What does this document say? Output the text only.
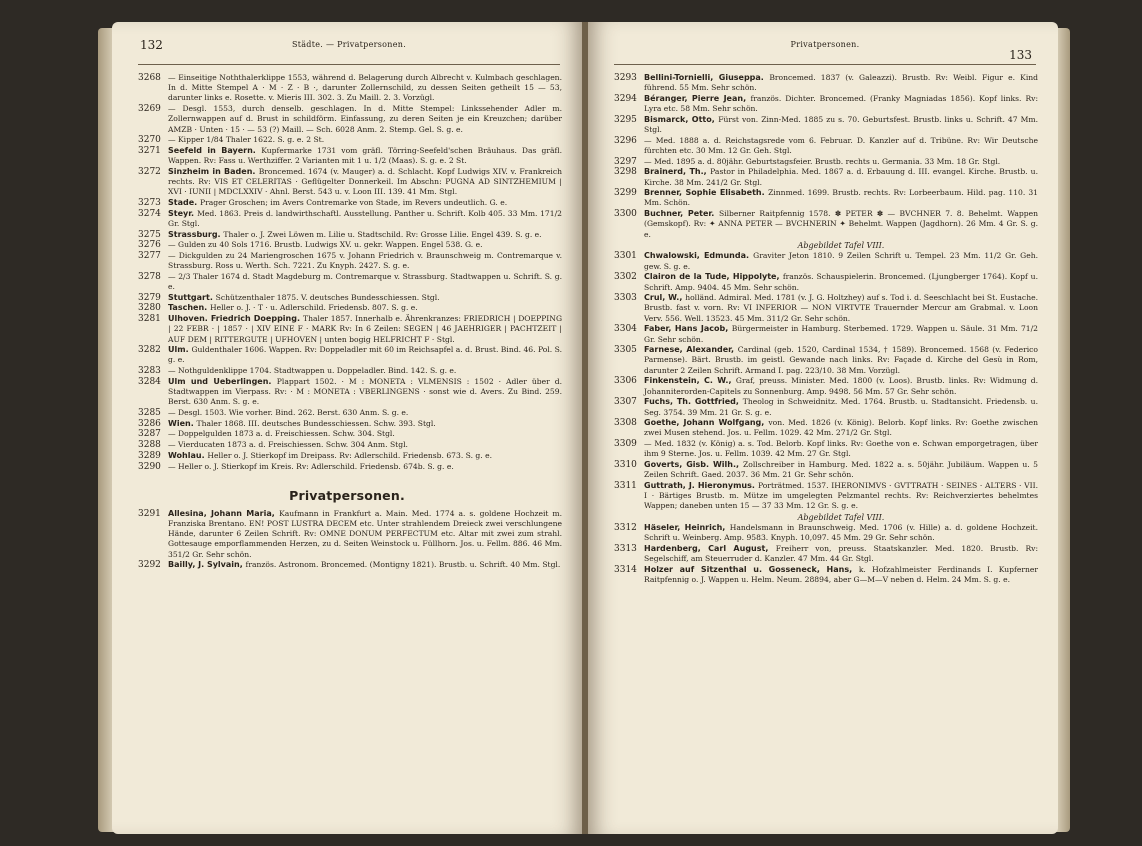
132	Städte. — Privatpersonen.
3268 — Einseitige Noththalerklippe 1553, während d. Belagerung durch Albrecht v. Kulmbach geschlagen. In d. Mitte Stempel A · M · Z · B ·, darunter Zollernschild, zu dessen Seiten getheilt 15 — 53, darunter links e. Rosette. v. Mieris III. 302. 3. Zu Maill. 2. 3. Vorzügl.
3269 — Desgl. 1553, durch denselb. geschlagen. In d. Mitte Stempel: Linkssehender Adler m. Zollernwappen auf d. Brust in schildförm. Einfassung, zu deren Seiten je ein Kreuzchen; darüber AMZB · Unten · 15 · — 53 (?) Maill. — Sch. 6028 Anm. 2. Stemp. Gel. S. g. e.
3270 — Kipper 1/84 Thaler 1622. S. g. e. 2 St.
3271 Seefeld in Bayern. Kupfermarke 1731 vom gräfl. Törring-Seefeld'schen Bräuhaus. Das gräfl. Wappen. Rv: Fass u. Werthziffer. 2 Varianten mit 1 u. 1/2 (Maas). S. g. e. 2 St.
3272 Sinzheim in Baden. Broncemed. 1674 (v. Mauger) a. d. Schlacht. Kopf Ludwigs XIV. v. Frankreich rechts. Rv: VIS ET CELERITAS · Geflügelter Donnerkeil. Im Abschn: PUGNA AD SINTZHEMIUM | XVI · IUNII | MDCLXXIV · Ahnl. Berst. 543 u. v. Loon III. 139. 41 Mm. Stgl.
3273 Stade. Prager Groschen; im Avers Contremarke von Stade, im Revers undeutlich. G. e.
3274 Steyr. Med. 1863. Preis d. landwirthschaftl. Ausstellung. Panther u. Schrift. Kolb 405. 33 Mm. 171/2 Gr. Stgl.
3275 Strassburg. Thaler o. J. Zwei Löwen m. Lilie u. Stadtschild. Rv: Grosse Lilie. Engel 439. S. g. e.
3276 — Gulden zu 40 Sols 1716. Brustb. Ludwigs XV. u. gekr. Wappen. Engel 538. G. e.
3277 — Dickgulden zu 24 Mariengroschen 1675 v. Johann Friedrich v. Braunschweig m. Contremarque v. Strassburg. Ross u. Werth. Sch. 7221. Zu Knyph. 2427. S. g. e.
3278 — 2/3 Thaler 1674 d. Stadt Magdeburg m. Contremarque v. Strassburg. Stadtwappen u. Schrift. S. g. e.
3279 Stuttgart. Schützenthaler 1875. V. deutsches Bundesschiessen. Stgl.
3280 Taschen. Heller o. J. · T · u. Adlerschild. Friedensb. 807. S. g. e.
3281 Ulhoven. Friedrich Doepping. Thaler 1857. Innerhalb e. Ährenkranzes: FRIEDRICH | DOEPPING | 22 FEBR · | 1857 · | XIV EINE F · MARK Rv: In 6 Zeilen: SEGEN | 46 JAEHRIGER | PACHTZEIT | AUF DEM | RITTERGUTE | UFHOVEN | unten bogig HELFRICHT F · Stgl.
3282 Ulm. Guldenthaler 1606. Wappen. Rv: Doppeladler mit 60 im Reichsapfel a. d. Brust. Bind. 46. Pol. S. g. e.
3283 — Nothguldenklippe 1704. Stadtwappen u. Doppeladler. Bind. 142. S. g. e.
3284 Ulm und Ueberlingen. Plappart 1502. · M : MONETA : VLMENSIS : 1502 · Adler über d. Stadtwappen im Vierpass. Rv: · M : MONETA : VBERLINGENS · sonst wie d. Avers. Zu Bind. 259. Berst. 630 Anm. S. g. e.
3285 — Desgl. 1503. Wie vorher. Bind. 262. Berst. 630 Anm. S. g. e.
3286 Wien. Thaler 1868. III. deutsches Bundesschiessen. Schw. 393. Stgl.
3287 — Doppelgulden 1873 a. d. Freischiessen. Schw. 304. Stgl.
3288 — Vierducaten 1873 a. d. Freischiessen. Schw. 304 Anm. Stgl.
3289 Wohlau. Heller o. J. Stierkopf im Dreipass. Rv: Adlerschild. Friedensb. 673. S. g. e.
3290 — Heller o. J. Stierkopf im Kreis. Rv: Adlerschild. Friedensb. 674b. S. g. e.
Privatpersonen.
3291 Allesina, Johann Maria, Kaufmann in Frankfurt a. Main. Med. 1774 a. s. goldene Hochzeit m. Franziska Brentano. EN! POST LUSTRA DECEM etc. Unter strahlendem Dreieck zwei verschlungene Hände, darunter 6 Zeilen Schrift. Rv: OMNE DONUM PERFECTUM etc. Altar mit zwei zum strahl. Gottesauge emporflammenden Herzen, zu d. Seiten Weinstock u. Füllhorn. Jos. u. Fellm. 886. 46 Mm. 351/2 Gr. Sehr schön.
3292 Bailly, J. Sylvain, französ. Astronom. Broncemed. (Montigny 1821). Brustb. u. Schrift. 40 Mm. Stgl.
Privatpersonen.
133
3293 Bellini-Tornielli, Giuseppa. Broncemed. 1837 (v. Galeazzi). Brustb. Rv: Weibl. Figur e. Kind führend. 55 Mm. Sehr schön.
3294 Béranger, Pierre Jean, französ. Dichter. Broncemed. (Franky Magniadas 1856). Kopf links. Rv: Lyra etc. 58 Mm. Sehr schön.
3295 Bismarck, Otto, Fürst von. Zinn-Med. 1885 zu s. 70. Geburtsfest. Brustb. links u. Schrift. 47 Mm. Stgl.
3296 — Med. 1888 a. d. Reichstagsrede vom 6. Februar. D. Kanzler auf d. Tribüne. Rv: Wir Deutsche fürchten etc. 30 Mm. 12 Gr. Geh. Stgl.
3297 — Med. 1895 a. d. 80jähr. Geburtstagsfeier. Brustb. rechts u. Germania. 33 Mm. 18 Gr. Stgl.
3298 Brainerd, Th., Pastor in Philadelphia. Med. 1867 a. d. Erbauung d. III. evangel. Kirche. Brustb. u. Kirche. 38 Mm. 241/2 Gr. Stgl.
3299 Brenner, Sophie Elisabeth. Zinnmed. 1699. Brustb. rechts. Rv: Lorbeerbaum. Hild. pag. 110. 31 Mm. Schön.
3300 Buchner, Peter. Silberner Raitpfennig 1578. ✽ PETER ✽ — BVCHNER 7. 8. Behelmt. Wappen (Gemskopf). Rv: ✦ ANNA PETER — BVCHNERIN ✦ Behelmt. Wappen (Jagdhorn). 26 Mm. 4 Gr. S. g. e.
Abgebildet Tafel VIII.
3301 Chwalowski, Edmunda. Graviter Jeton 1810. 9 Zeilen Schrift u. Tempel. 23 Mm. 11/2 Gr. Geh. gew. S. g. e.
3302 Clairon de la Tude, Hippolyte, französ. Schauspielerin. Broncemed. (Ljungberger 1764). Kopf u. Schrift. Amp. 9404. 45 Mm. Sehr schön.
3303 Crul, W., holländ. Admiral. Med. 1781 (v. J. G. Holtzhey) auf s. Tod i. d. Seeschlacht bei St. Eustache. Brustb. fast v. vorn. Rv: VI INFERIOR — NON VIRTVTE Trauernder Mercur am Grabmal. v. Loon Verv. 556. Well. 13523. 45 Mm. 311/2 Gr. Sehr schön.
3304 Faber, Hans Jacob, Bürgermeister in Hamburg. Sterbemed. 1729. Wappen u. Säule. 31 Mm. 71/2 Gr. Sehr schön.
3305 Farnese, Alexander, Cardinal (geb. 1520, Cardinal 1534, † 1589). Broncemed. 1568 (v. Federico Parmense). Bärt. Brustb. im geistl. Gewande nach links. Rv: Façade d. Kirche del Gesù in Rom, darunter 2 Zeilen Schrift. Armand I. pag. 223/10. 38 Mm. Vorzügl.
3306 Finkenstein, C. W., Graf, preuss. Minister. Med. 1800 (v. Loos). Brustb. links. Rv: Widmung d. Johanniterorden-Capitels zu Sonnenburg. Amp. 9498. 56 Mm. 57 Gr. Sehr schön.
3307 Fuchs, Th. Gottfried, Theolog in Schweidnitz. Med. 1764. Brustb. u. Stadtansicht. Friedensb. u. Seg. 3754. 39 Mm. 21 Gr. S. g. e.
3308 Goethe, Johann Wolfgang, von. Med. 1826 (v. König). Belorb. Kopf links. Rv: Goethe zwischen zwei Musen stehend. Jos. u. Fellm. 1029. 42 Mm. 271/2 Gr. Stgl.
3309 — Med. 1832 (v. König) a. s. Tod. Belorb. Kopf links. Rv: Goethe von e. Schwan emporgetragen, über ihm 9 Sterne. Jos. u. Fellm. 1039. 42 Mm. 27 Gr. Stgl.
3310 Goverts, Gisb. Wilh., Zollschreiber in Hamburg. Med. 1822 a. s. 50jähr. Jubiläum. Wappen u. 5 Zeilen Schrift. Gaed. 2037. 36 Mm. 21 Gr. Sehr schön.
3311 Guttrath, J. Hieronymus. Porträtmed. 1537. IHERONIMVS · GVTTRATH · SEINES · ALTERS · VII. I · Bärtiges Brustb. m. Mütze im umgelegten Pelzmantel rechts. Rv: Reichverziertes behelmtes Wappen; daneben unten 15 — 37 33 Mm. 12 Gr. S. g. e.
Abgebildet Tafel VIII.
3312 Häseler, Heinrich, Handelsmann in Braunschweig. Med. 1706 (v. Hille) a. d. goldene Hochzeit. Schrift u. Weinberg. Amp. 9583. Knyph. 10,097. 45 Mm. 29 Gr. Sehr schön.
3313 Hardenberg, Carl August, Freiherr von, preuss. Staatskanzler. Med. 1820. Brustb. Rv: Segelschiff, am Steuerruder d. Kanzler. 47 Mm. 44 Gr. Stgl.
3314 Holzer auf Sitzenthal u. Gosseneck, Hans, k. Hofzahlmeister Ferdinands I. Kupferner Raitpfennig o. J. Wappen u. Helm. Neum. 28894, aber G—M—V neben d. Helm. 24 Mm. S. g. e.
